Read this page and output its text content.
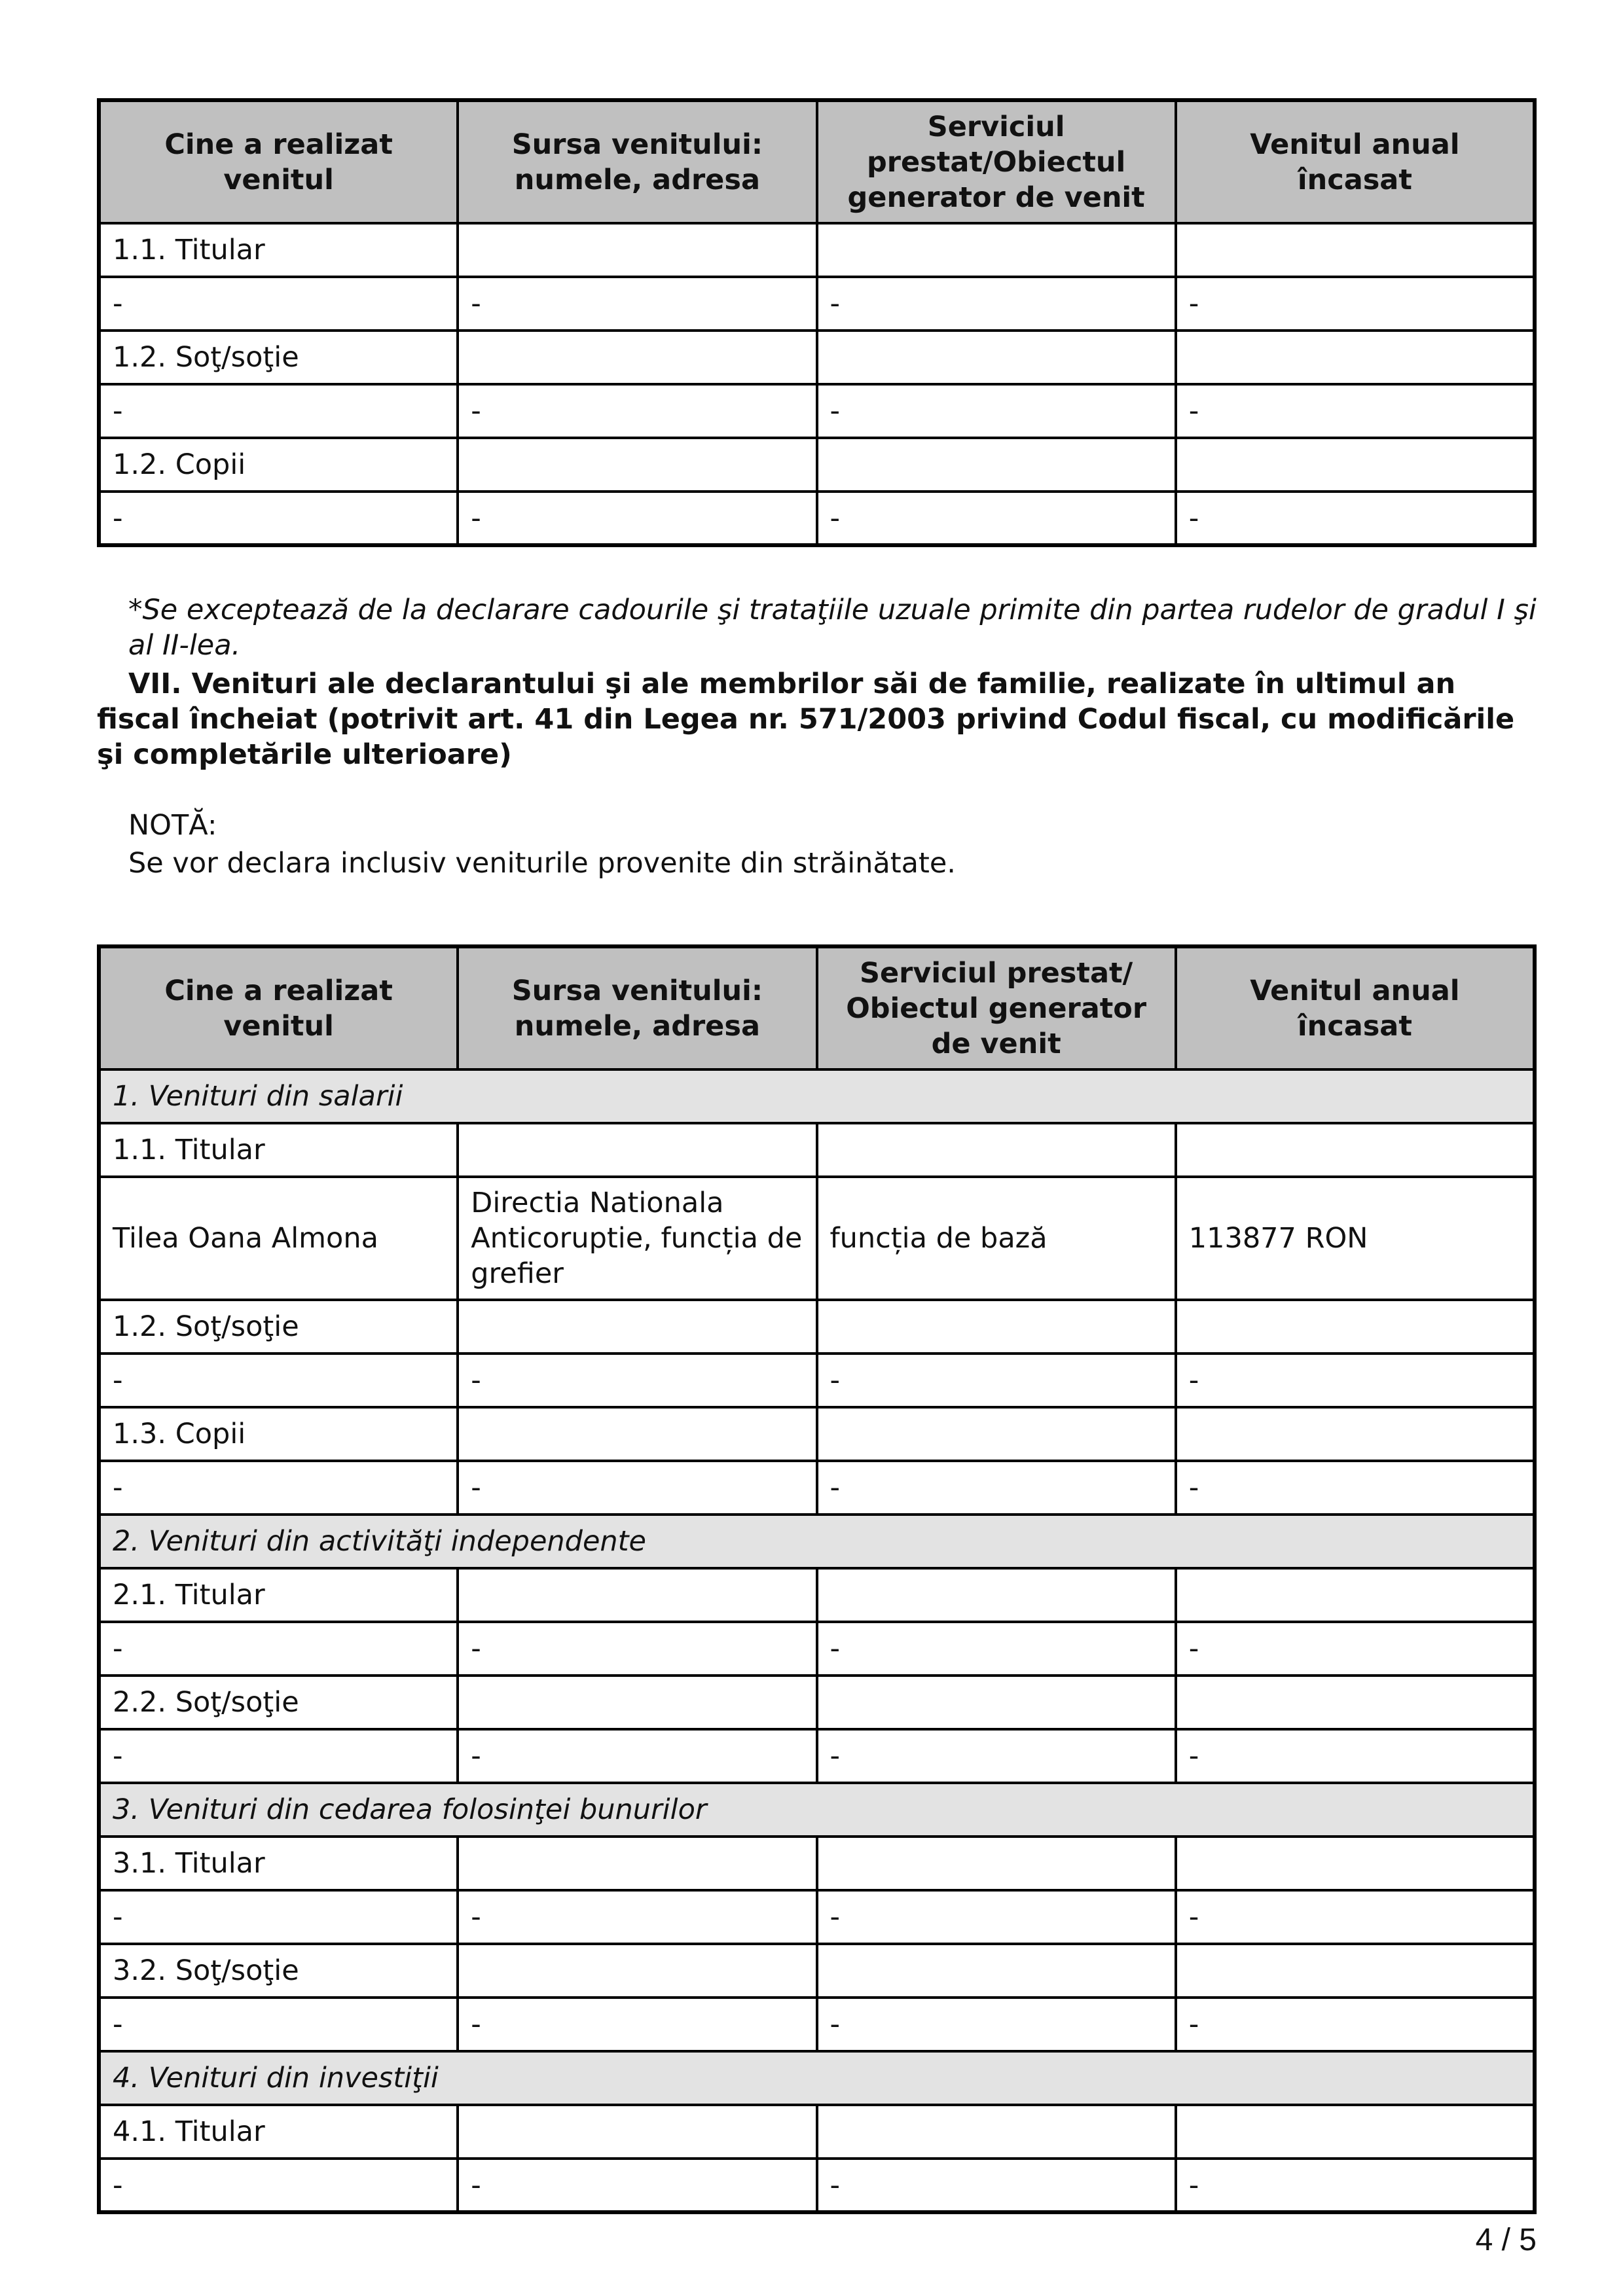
Cine a realizat venitul	Sursa venitului: numele, adresa	Serviciul prestat/Obiectul generator de venit	Venitul anual încasat
1.1. Titular			
-	-	-	-
1.2. Soţ/soţie			
-	-	-	-
1.2. Copii			
-	-	-	-
*Se exceptează de la declarare cadourile şi trataţiile uzuale primite din partea rudelor de gradul I şi al II-lea.
VII. Venituri ale declarantului şi ale membrilor săi de familie, realizate în ultimul an fiscal încheiat (potrivit art. 41 din Legea nr. 571/2003 privind Codul fiscal, cu modificările şi completările ulterioare)
NOTĂ:
Se vor declara inclusiv veniturile provenite din străinătate.
Cine a realizat venitul	Sursa venitului: numele, adresa	Serviciul prestat/ Obiectul generator de venit	Venitul anual încasat
1. Venituri din salarii			
1.1. Titular			
Tilea Oana Almona	Directia Nationala Anticoruptie, funcția de grefier	funcția de bază	113877 RON
1.2. Soţ/soţie			
-	-	-	-
1.3. Copii			
-	-	-	-
2. Venituri din activităţi independente			
2.1. Titular			
-	-	-	-
2.2. Soţ/soţie			
-	-	-	-
3. Venituri din cedarea folosinţei bunurilor			
3.1. Titular			
-	-	-	-
3.2. Soţ/soţie			
-	-	-	-
4. Venituri din investiţii			
4.1. Titular			
-	-	-	-
4 / 5
